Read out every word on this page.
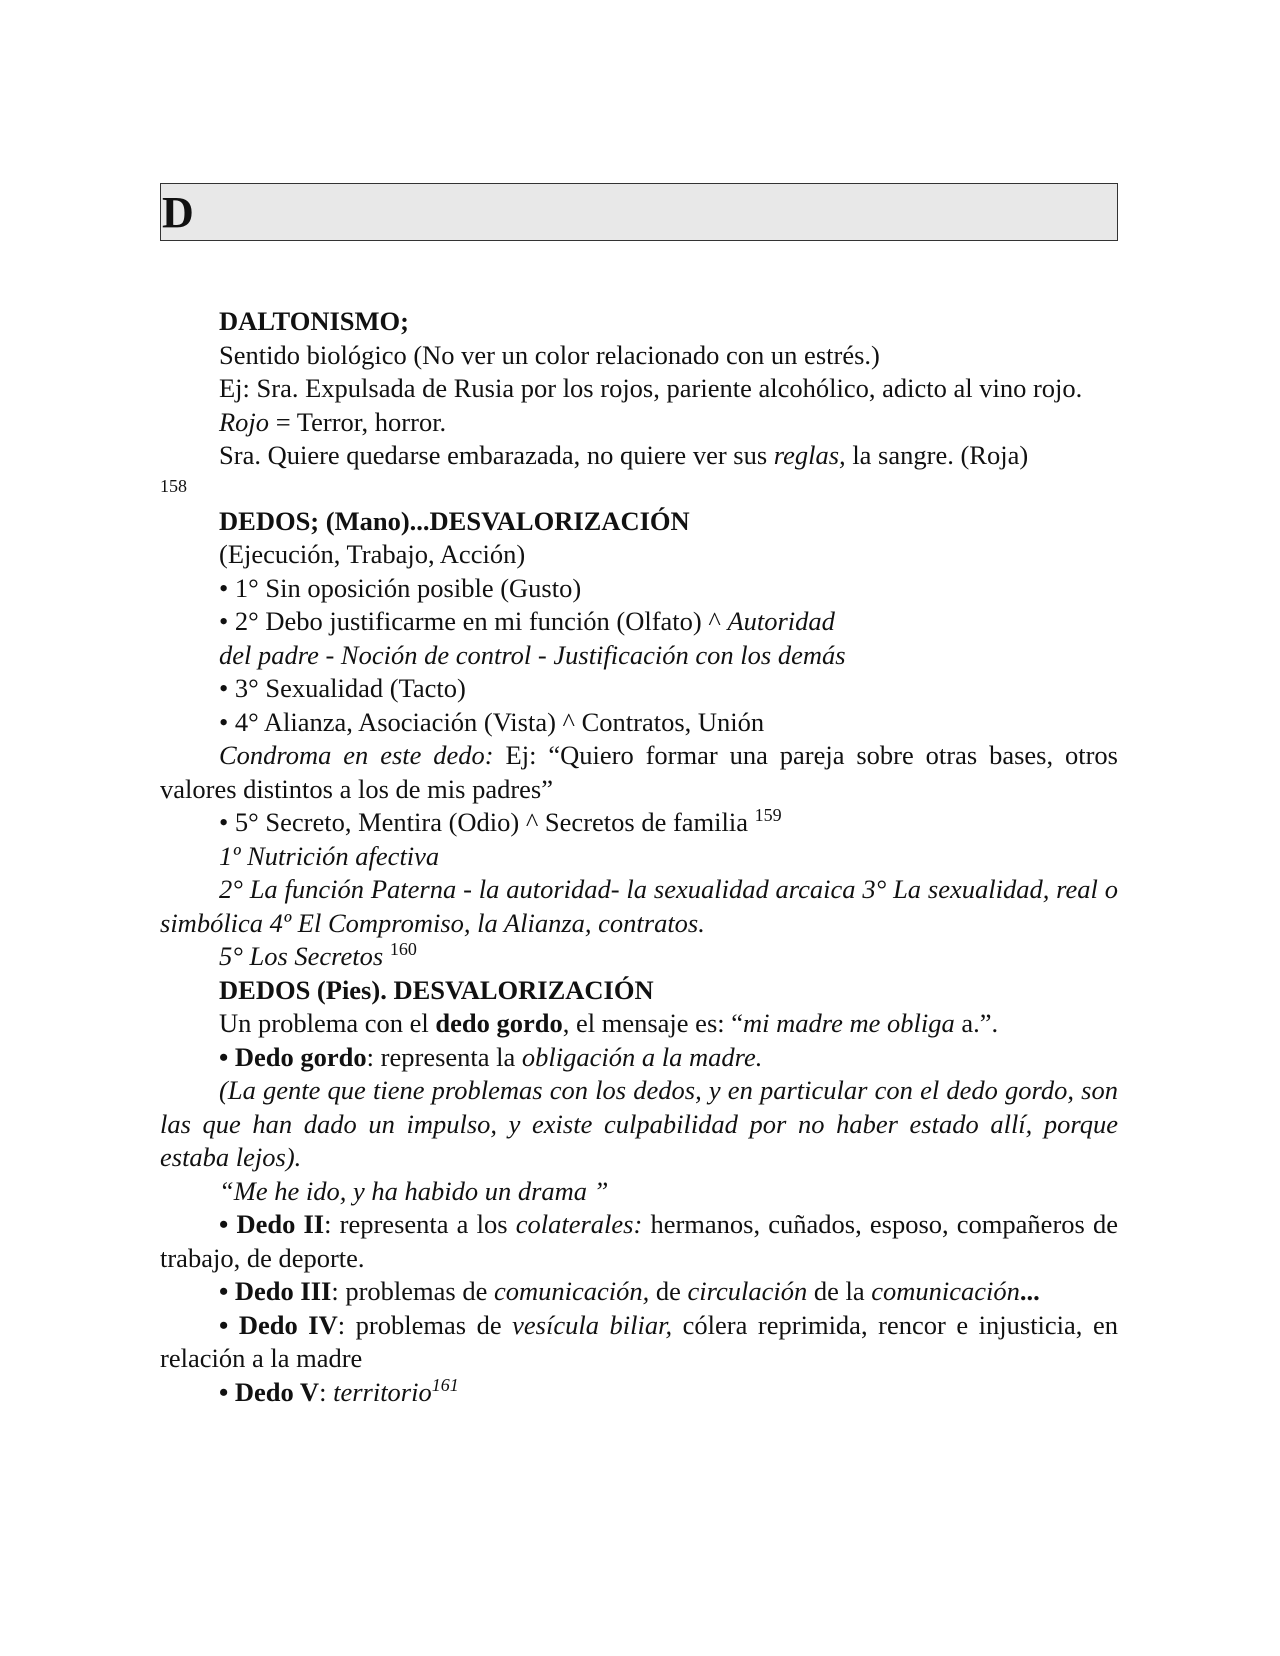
D

DALTONISMO;

Sentido biológico (No ver un color relacionado con un estrés.)

Ej: Sra. Expulsada de Rusia por los rojos, pariente alcohólico, adicto al vino rojo.

Rojo = Terror, horror.

Sra. Quiere quedarse embarazada, no quiere ver sus reglas, la sangre. (Roja)

158

DEDOS; (Mano)...DESVALORIZACIÓN

(Ejecución, Trabajo, Acción)

• 1° Sin oposición posible (Gusto)

• 2° Debo justificarme en mi función (Olfato) ^ Autoridad

del padre - Noción de control - Justificación con los demás

• 3° Sexualidad (Tacto)

• 4° Alianza, Asociación (Vista) ^ Contratos, Unión

Condroma en este dedo: Ej: “Quiero formar una pareja sobre otras bases, otros valores distintos a los de mis padres”

• 5° Secreto, Mentira (Odio) ^ Secretos de familia $^{159}$

1º Nutrición afectiva

2° La función Paterna - la autoridad- la sexualidad arcaica 3° La sexualidad, real o simbólica 4º El Compromiso, la Alianza, contratos.

5° Los Secretos $^{160}$

DEDOS (Pies). DESVALORIZACIÓN

Un problema con el dedo gordo, el mensaje es: “mi madre me obliga a.”.

• Dedo gordo: representa la obligación a la madre.

(La gente que tiene problemas con los dedos, y en particular con el dedo gordo, son las que han dado un impulso, y existe culpabilidad por no haber estado allí, porque estaba lejos).

“Me he ido, y ha habido un drama ”

• Dedo II: representa a los colaterales: hermanos, cuñados, esposo, compañeros de trabajo, de deporte.

• Dedo III: problemas de comunicación, de circulación de la comunicación...

• Dedo IV: problemas de vesícula biliar, cólera reprimida, rencor e injusticia, en relación a la madre

• Dedo V: territorio$^{161}$
